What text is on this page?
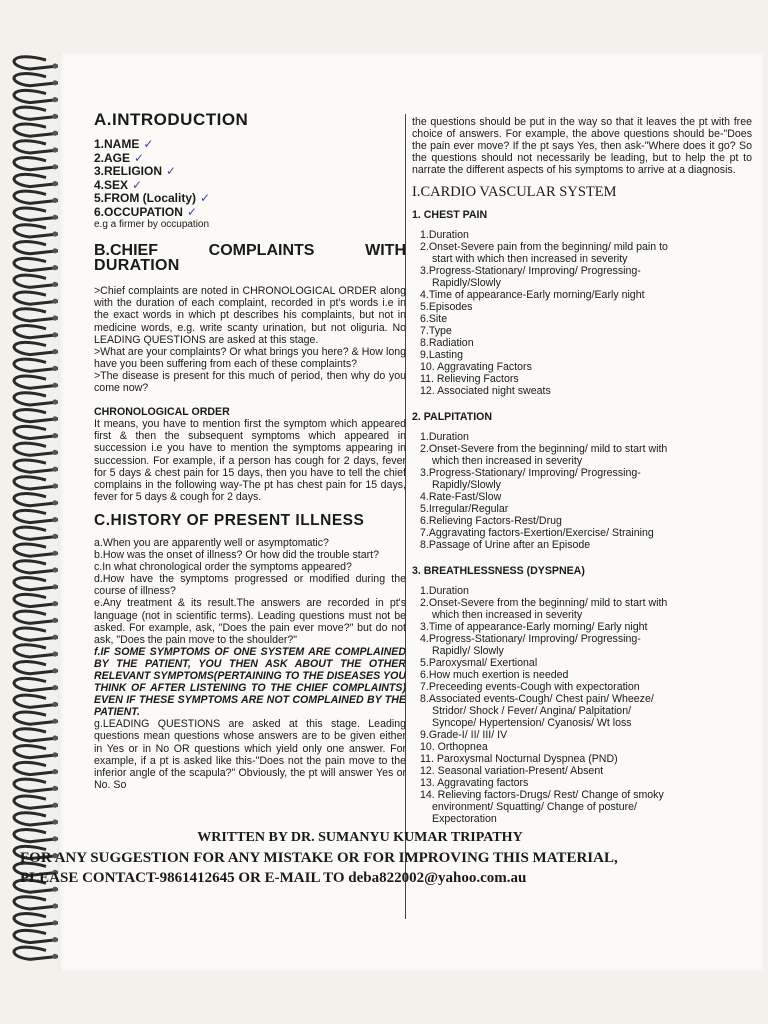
A.INTRODUCTION
1.NAME ✓
2.AGE ✓
3.RELIGION ✓
4.SEX ✓
5.FROM (Locality) ✓
6.OCCUPATION ✓
e.g a firmer by occupation
B.CHIEF	COMPLAINTS	WITH
DURATION

>Chief complaints are noted in CHRONOLOGICAL ORDER along with the duration of each complaint, recorded in pt's words i.e in the exact words in which pt describes his complaints, but not in medicine words, e.g. write scanty urination, but not oliguria. No LEADING QUESTIONS are asked at this stage.

>What are your complaints? Or what brings you here? & How long have you been suffering from each of these complaints?

>The disease is present for this much of period, then why do you come now?

CHRONOLOGICAL ORDER

It means, you have to mention first the symptom which appeared first & then the subsequent symptoms which appeared in succession i.e you have to mention the symptoms appearing in succession. For example, if a person has cough for 2 days, fever for 5 days & chest pain for 15 days, then you have to tell the chief complains in the following way-The pt has chest pain for 15 days, fever for 5 days & cough for 2 days.

C.HISTORY OF PRESENT ILLNESS

a.When you are apparently well or asymptomatic?

b.How was the onset of illness? Or how did the trouble start?

c.In what chronological order the symptoms appeared?

d.How have the symptoms progressed or modified during the course of illness?

e.Any treatment & its result.The answers are recorded in pt's language (not in scientific terms). Leading questions must not be asked. For example, ask, "Does the pain ever move?" but do not ask, "Does the pain move to the shoulder?"

f.IF SOME SYMPTOMS OF ONE SYSTEM ARE COMPLAINED BY THE PATIENT, YOU THEN ASK ABOUT THE OTHER RELEVANT SYMPTOMS(PERTAINING TO THE DISEASES YOU THINK OF AFTER LISTENING TO THE CHIEF COMPLAINTS) EVEN IF THESE SYMPTOMS ARE NOT COMPLAINED BY THE PATIENT.

g.LEADING QUESTIONS are asked at this stage. Leading questions mean questions whose answers are to be given either in Yes or in No OR questions which yield only one answer. For example, if a pt is asked like this-"Does not the pain move to the inferior angle of the scapula?" Obviously, the pt will answer Yes or No. So

the questions should be put in the way so that it leaves the pt with free choice of answers. For example, the above questions should be-"Does the pain ever move? If the pt says Yes, then ask-"Where does it go? So the questions should not necessarily be leading, but to help the pt to narrate the different aspects of his symptoms to arrive at a diagnosis.

I.CARDIO VASCULAR SYSTEM
1. CHEST PAIN
1.Duration
2.Onset-Severe pain from the beginning/ mild pain to
start with which then increased in severity
3.Progress-Stationary/ Improving/ Progressing-
Rapidly/Slowly
4.Time of appearance-Early morning/Early night
5.Episodes
6.Site
7.Type
8.Radiation
9.Lasting
10. Aggravating Factors
11. Relieving Factors
12. Associated night sweats
2. PALPITATION
1.Duration
2.Onset-Severe from the beginning/ mild to start with
which then increased in severity
3.Progress-Stationary/ Improving/ Progressing-
Rapidly/Slowly
4.Rate-Fast/Slow
5.Irregular/Regular
6.Relieving Factors-Rest/Drug
7.Aggravating factors-Exertion/Exercise/ Straining
8.Passage of Urine after an Episode
3. BREATHLESSNESS (DYSPNEA)
1.Duration
2.Onset-Severe from the beginning/ mild to start with
which then increased in severity
3.Time of appearance-Early morning/ Early night
4.Progress-Stationary/ Improving/ Progressing-
Rapidly/ Slowly
5.Paroxysmal/ Exertional
6.How much exertion is needed
7.Preceeding events-Cough with expectoration
8.Associated events-Cough/ Chest pain/ Wheeze/
Stridor/ Shock / Fever/ Angina/ Palpitation/
Syncope/ Hypertension/ Cyanosis/ Wt loss
9.Grade-I/ II/ III/ IV
10. Orthopnea
11. Paroxysmal Nocturnal Dyspnea (PND)
12. Seasonal variation-Present/ Absent
13. Aggravating factors
14. Relieving factors-Drugs/ Rest/ Change of smoky
environment/ Squatting/ Change of posture/
Expectoration
WRITTEN BY DR. SUMANYU KUMAR TRIPATHY
FOR ANY SUGGESTION FOR ANY MISTAKE OR FOR IMPROVING THIS MATERIAL,
PLEASE CONTACT-9861412645 OR E-MAIL TO deba822002@yahoo.com.au
